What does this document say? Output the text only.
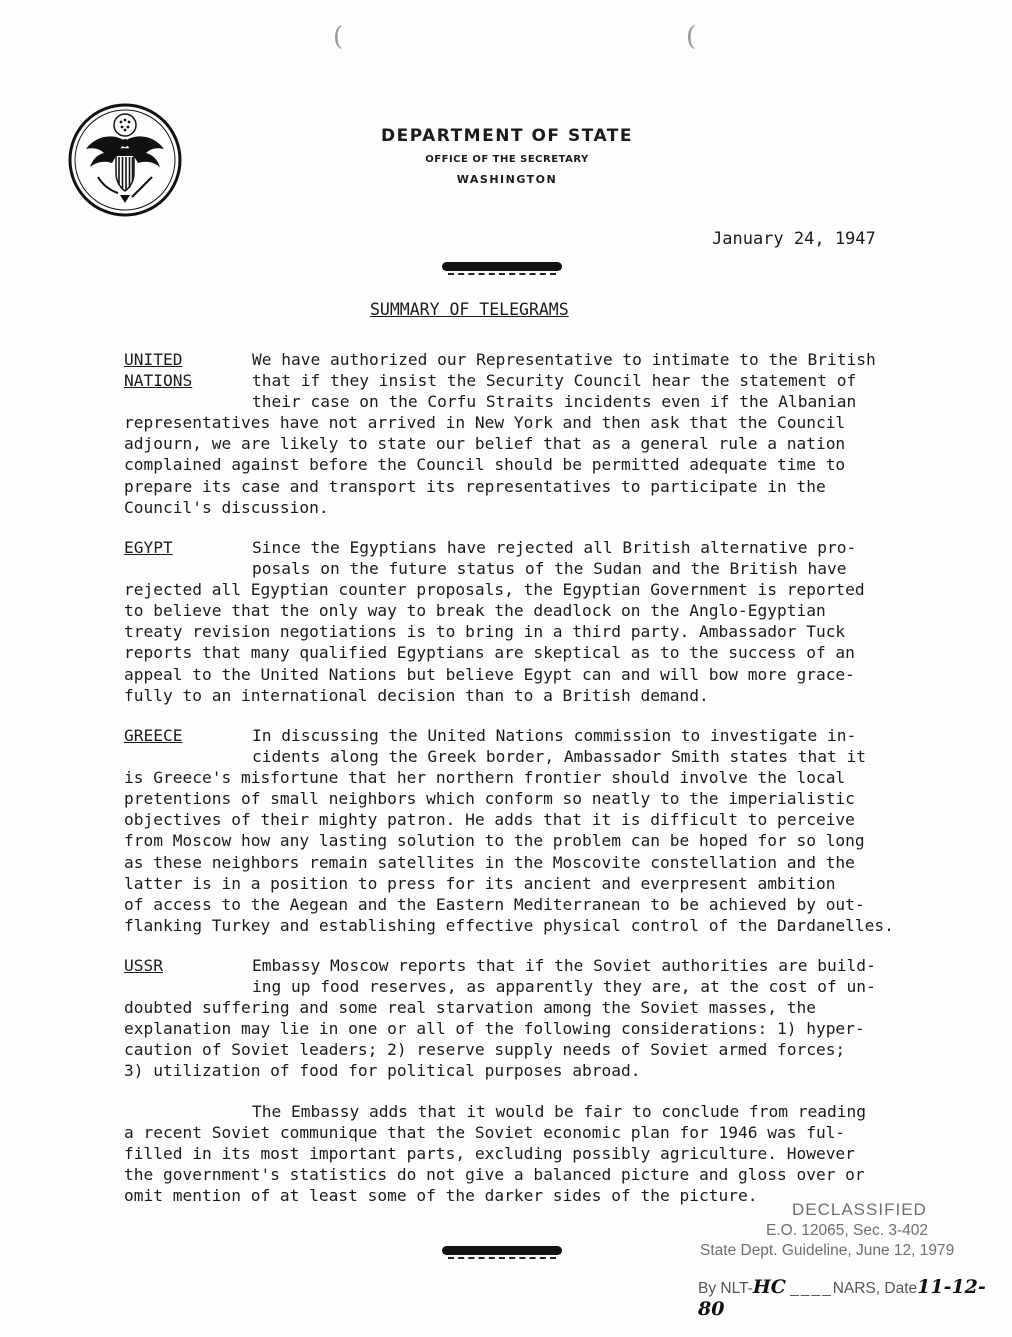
(	(
DEPARTMENT OF STATE
OFFICE OF THE SECRETARY
WASHINGTON
January 24, 1947
SUMMARY OF TELEGRAMS
UNITED
NATIONS
We have authorized our Representative to intimate to the British
that if they insist the Security Council hear the statement of
their case on the Corfu Straits incidents even if the Albanian
representatives have not arrived in New York and then ask that the Council
adjourn, we are likely to state our belief that as a general rule a nation
complained against before the Council should be permitted adequate time to
prepare its case and transport its representatives to participate in the
Council's discussion.
EGYPT	Since the Egyptians have rejected all British alternative pro-
posals on the future status of the Sudan and the British have
rejected all Egyptian counter proposals, the Egyptian Government is reported
to believe that the only way to break the deadlock on the Anglo-Egyptian
treaty revision negotiations is to bring in a third party. Ambassador Tuck
reports that many qualified Egyptians are skeptical as to the success of an
appeal to the United Nations but believe Egypt can and will bow more grace-
fully to an international decision than to a British demand.
GREECE	In discussing the United Nations commission to investigate in-
cidents along the Greek border, Ambassador Smith states that it
is Greece's misfortune that her northern frontier should involve the local
pretentions of small neighbors which conform so neatly to the imperialistic
objectives of their mighty patron. He adds that it is difficult to perceive
from Moscow how any lasting solution to the problem can be hoped for so long
as these neighbors remain satellites in the Moscovite constellation and the
latter is in a position to press for its ancient and everpresent ambition
of access to the Aegean and the Eastern Mediterranean to be achieved by out-
flanking Turkey and establishing effective physical control of the Dardanelles.
USSR	Embassy Moscow reports that if the Soviet authorities are build-
ing up food reserves, as apparently they are, at the cost of un-
doubted suffering and some real starvation among the Soviet masses, the
explanation may lie in one or all of the following considerations: 1) hyper-
caution of Soviet leaders; 2) reserve supply needs of Soviet armed forces;
3) utilization of food for political purposes abroad.
The Embassy adds that it would be fair to conclude from reading
a recent Soviet communique that the Soviet economic plan for 1946 was ful-
filled in its most important parts, excluding possibly agriculture. However
the government's statistics do not give a balanced picture and gloss over or
omit mention of at least some of the darker sides of the picture.
DECLASSIFIED
E.O. 12065, Sec. 3-402
State Dept. Guideline, June 12, 1979
By NLT-HC ____NARS, Date11-12-80
